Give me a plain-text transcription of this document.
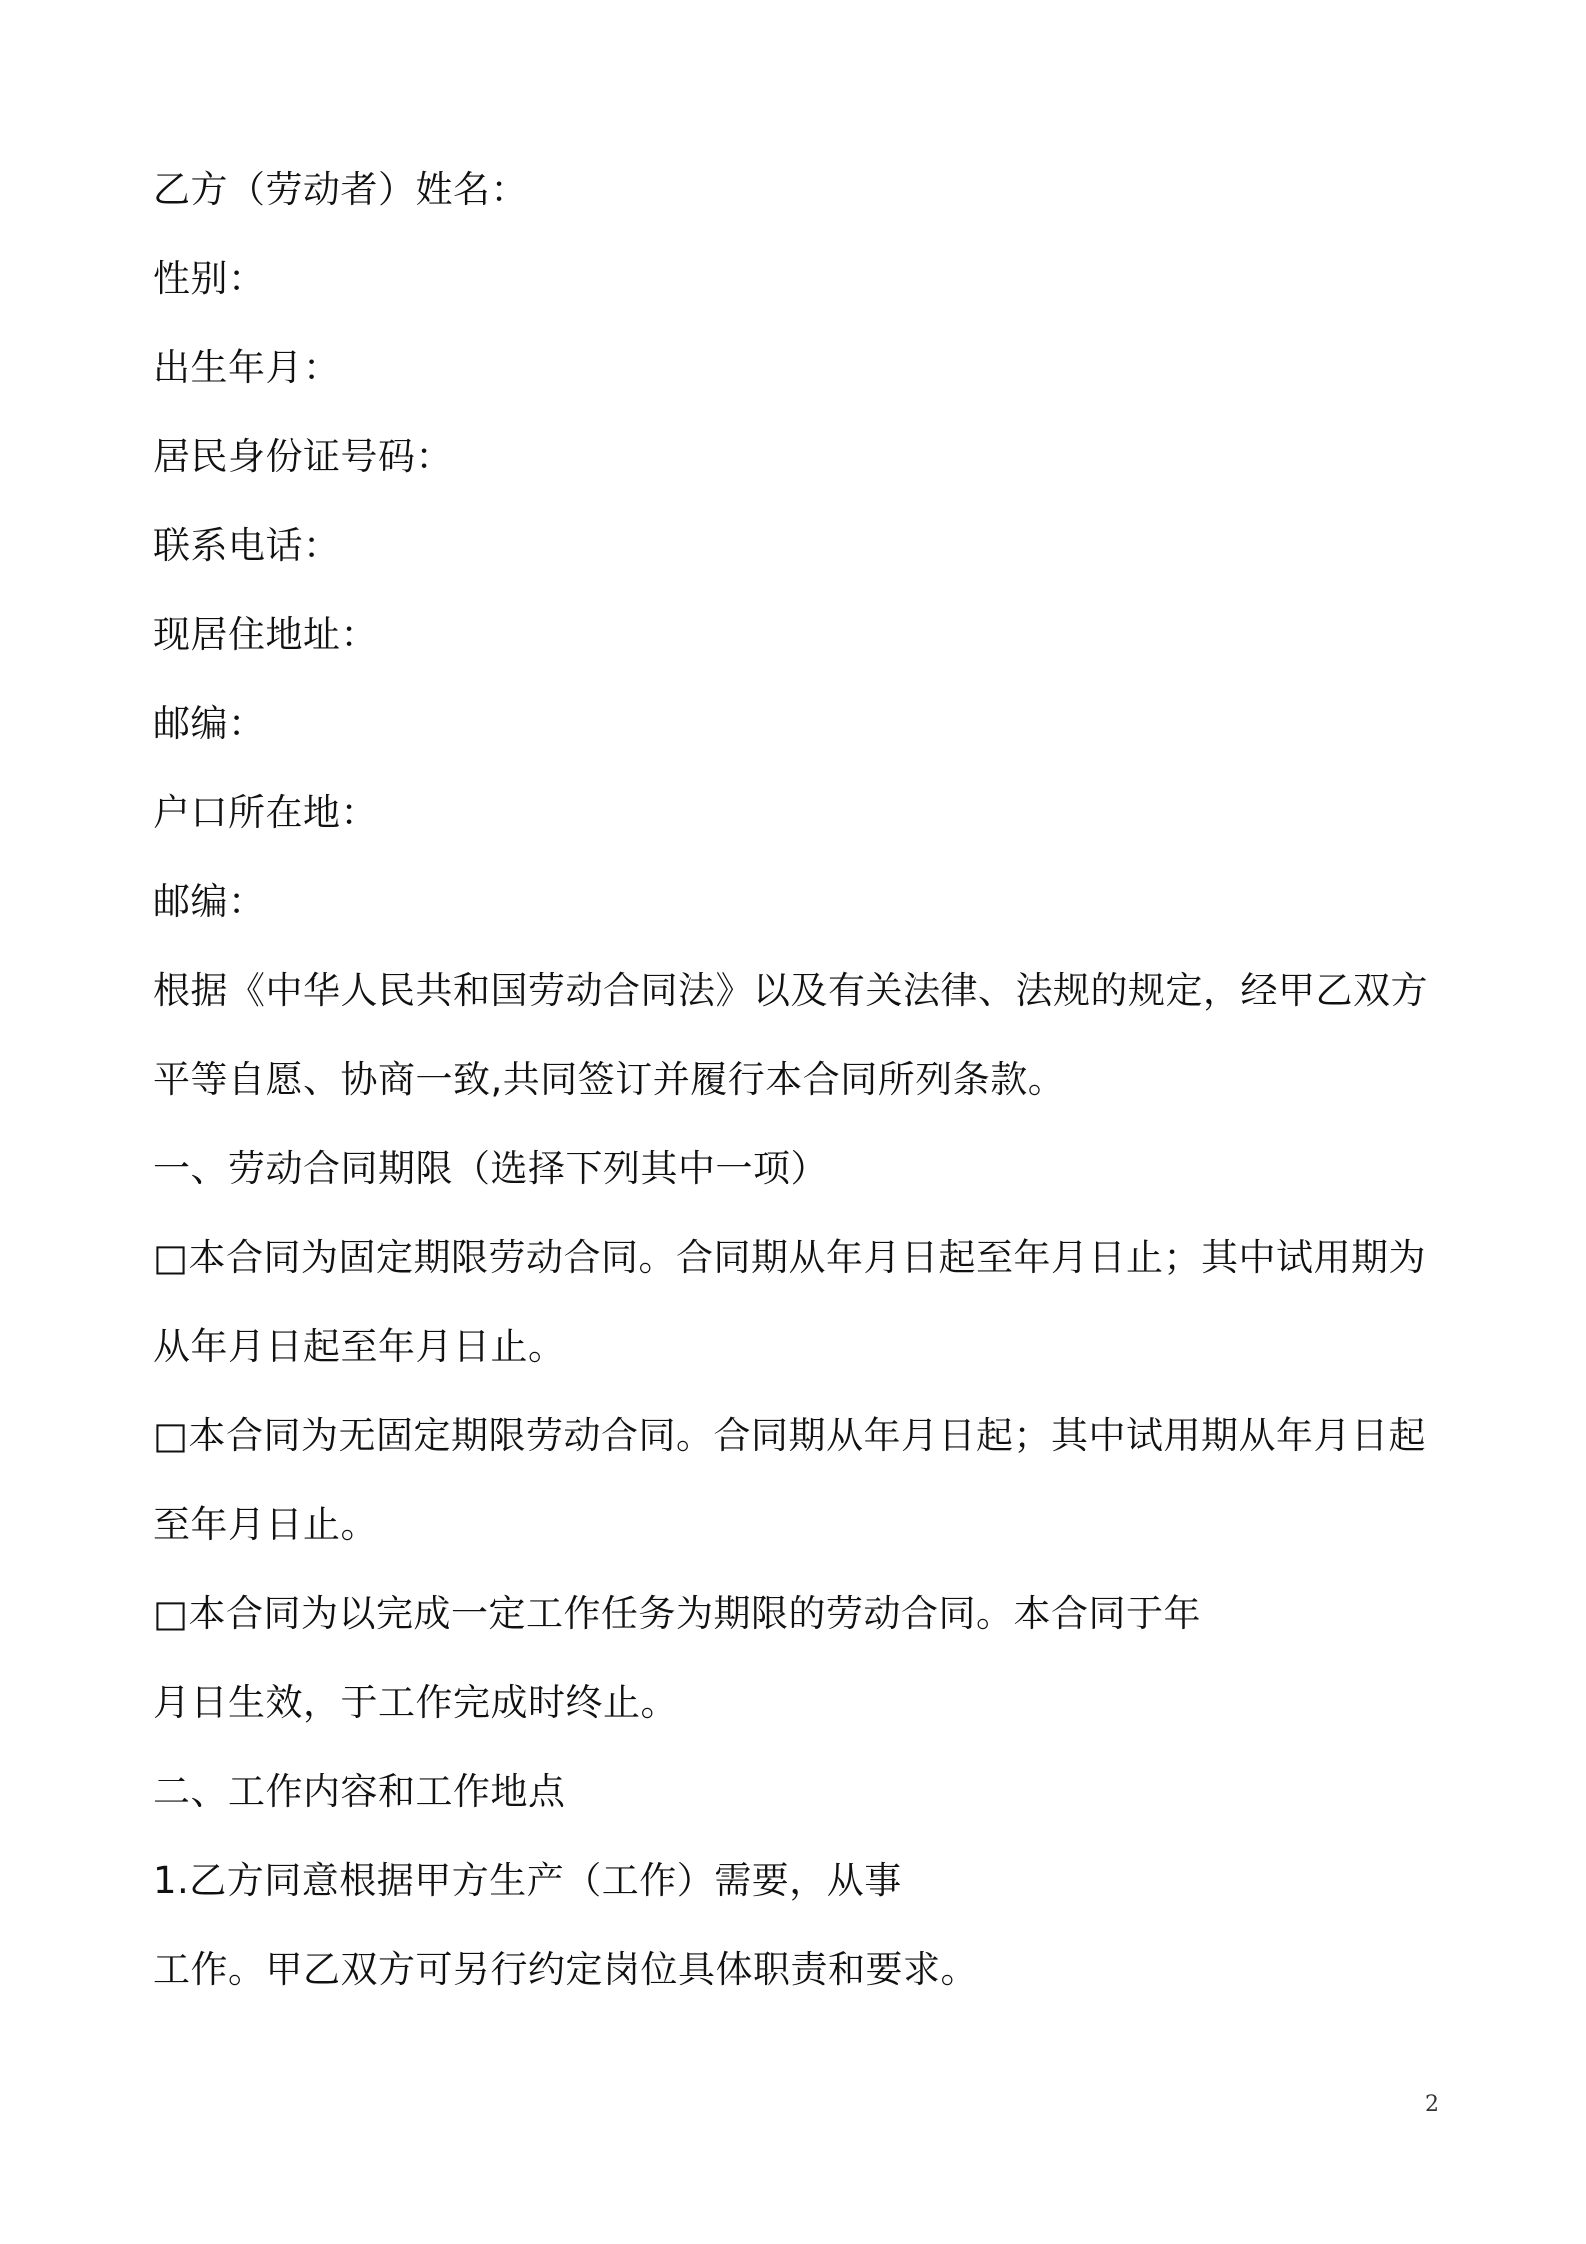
乙方（劳动者）姓名：
性别：
出生年月：
居民身份证号码：
联系电话：
现居住地址：
邮编：
户口所在地：
邮编：
根据《中华人民共和国劳动合同法》以及有关法律、法规的规定，经甲乙双方
平等自愿、协商一致,共同签订并履行本合同所列条款。
一、劳动合同期限（选择下列其中一项）
□本合同为固定期限劳动合同。合同期从年月日起至年月日止；其中试用期为
从年月日起至年月日止。
□本合同为无固定期限劳动合同。合同期从年月日起；其中试用期从年月日起
至年月日止。
□本合同为以完成一定工作任务为期限的劳动合同。本合同于年
月日生效，于工作完成时终止。
二、工作内容和工作地点
1.乙方同意根据甲方生产（工作）需要，从事
工作。甲乙双方可另行约定岗位具体职责和要求。
2
